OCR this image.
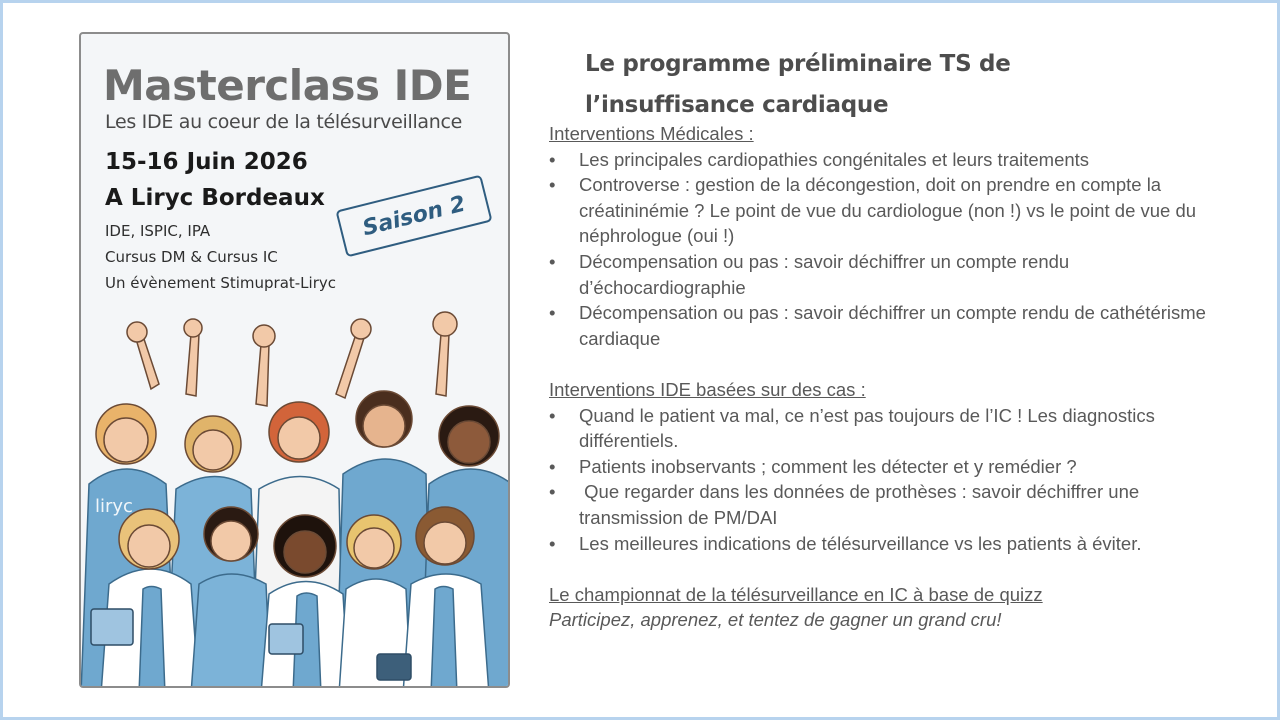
Masterclass IDE
Les IDE au coeur de la télésurveillance
15-16 Juin 2026
A Liryc Bordeaux
IDE, ISPIC, IPA
Cursus DM & Cursus IC
Un évènement Stimuprat-Liryc
Saison 2
liryc
Le programme préliminaire TS de
l’insuffisance cardiaque
Interventions Médicales :
• Les principales cardiopathies congénitales et leurs traitements
• Controverse : gestion de la décongestion, doit on prendre en compte la créatininémie ? Le point de vue du cardiologue (non !) vs le point de vue du néphrologue (oui !)
• Décompensation ou pas : savoir déchiffrer un compte rendu d’échocardiographie
• Décompensation ou pas : savoir déchiffrer un compte rendu de cathétérisme cardiaque
Interventions IDE basées sur des cas :
• Quand le patient va mal, ce n’est pas toujours de l’IC ! Les diagnostics différentiels.
• Patients inobservants ; comment les détecter et y remédier ?
•  Que regarder dans les données de prothèses : savoir déchiffrer une transmission de PM/DAI
• Les meilleures indications de télésurveillance vs les patients à éviter.
Le championnat de la télésurveillance en IC à base de quizz
Participez, apprenez, et tentez de gagner un grand cru!
